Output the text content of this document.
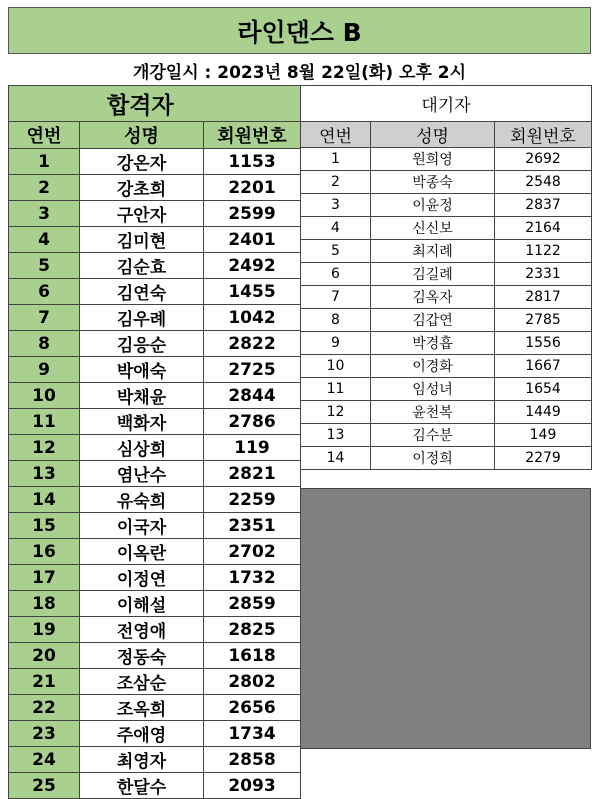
라인댄스 B
개강일시 : 2023년 8월 22일(화) 오후 2시
합격자		
연번	성명	회원번호
1	강온자	1153
2	강초희	2201
3	구안자	2599
4	김미현	2401
5	김순효	2492
6	김연숙	1455
7	김우례	1042
8	김응순	2822
9	박애숙	2725
10	박채윤	2844
11	백화자	2786
12	심상희	119
13	염난수	2821
14	유숙희	2259
15	이국자	2351
16	이옥란	2702
17	이정연	1732
18	이해설	2859
19	전영애	2825
20	정동숙	1618
21	조삼순	2802
22	조옥희	2656
23	주애영	1734
24	최영자	2858
25	한달수	2093
대기자		
연번	성명	회원번호
1	원희영	2692
2	박종숙	2548
3	이윤정	2837
4	신신보	2164
5	최지례	1122
6	김길례	2331
7	김옥자	2817
8	김갑연	2785
9	박경흡	1556
10	이경화	1667
11	임성녀	1654
12	윤천복	1449
13	김수분	149
14	이정희	2279
